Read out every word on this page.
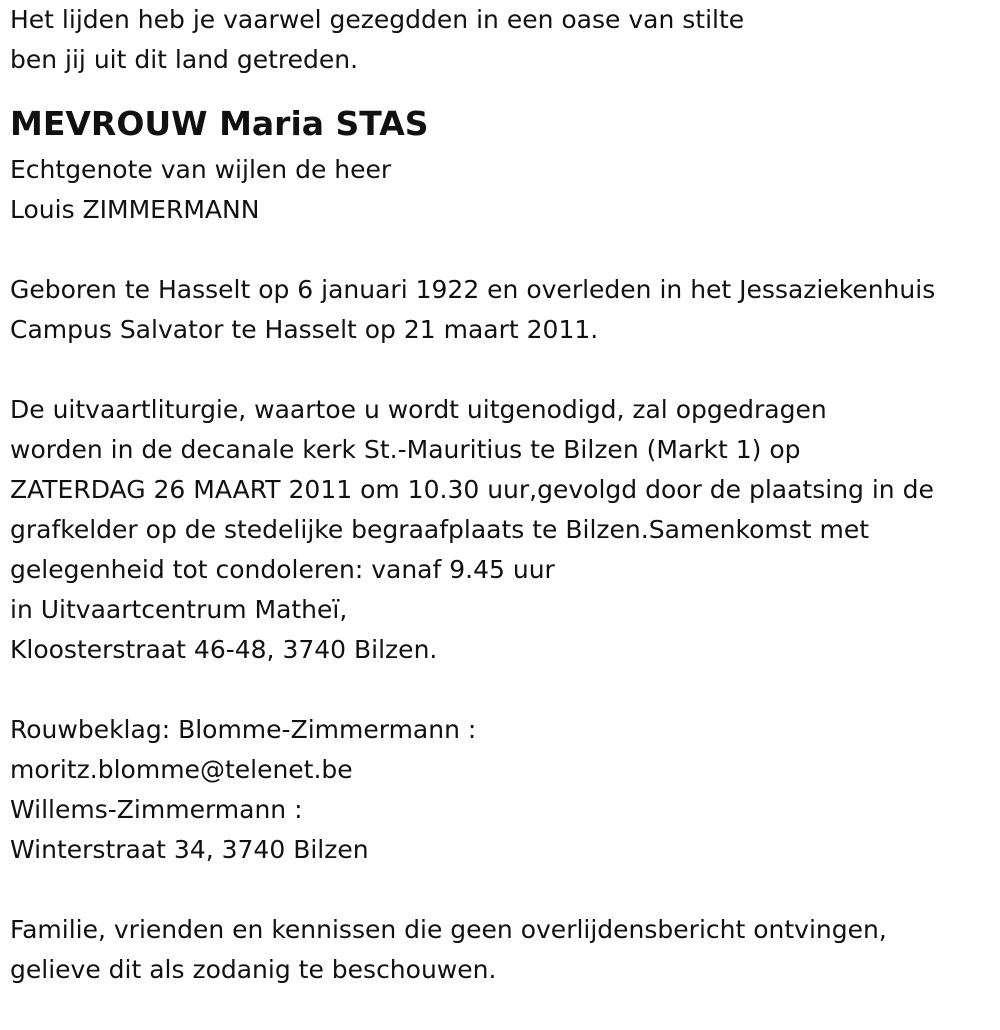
Het lijden heb je vaarwel gezegdden in een oase van stilte
ben jij uit dit land getreden.
MEVROUW Maria STAS
Echtgenote van wijlen de heer
Louis ZIMMERMANN
Geboren te Hasselt op 6 januari 1922 en overleden in het Jessaziekenhuis
Campus Salvator te Hasselt op 21 maart 2011.
De uitvaartliturgie, waartoe u wordt uitgenodigd, zal opgedragen
worden in de decanale kerk St.-Mauritius te Bilzen (Markt 1) op
ZATERDAG 26 MAART 2011 om 10.30 uur,gevolgd door de plaatsing in de
grafkelder op de stedelijke begraafplaats te Bilzen.Samenkomst met
gelegenheid tot condoleren: vanaf 9.45 uur
in Uitvaartcentrum Matheï,
Kloosterstraat 46-48, 3740 Bilzen.
Rouwbeklag: Blomme-Zimmermann :
moritz.blomme@telenet.be
Willems-Zimmermann :
Winterstraat 34, 3740 Bilzen
Familie, vrienden en kennissen die geen overlijdensbericht ontvingen,
gelieve dit als zodanig te beschouwen.
